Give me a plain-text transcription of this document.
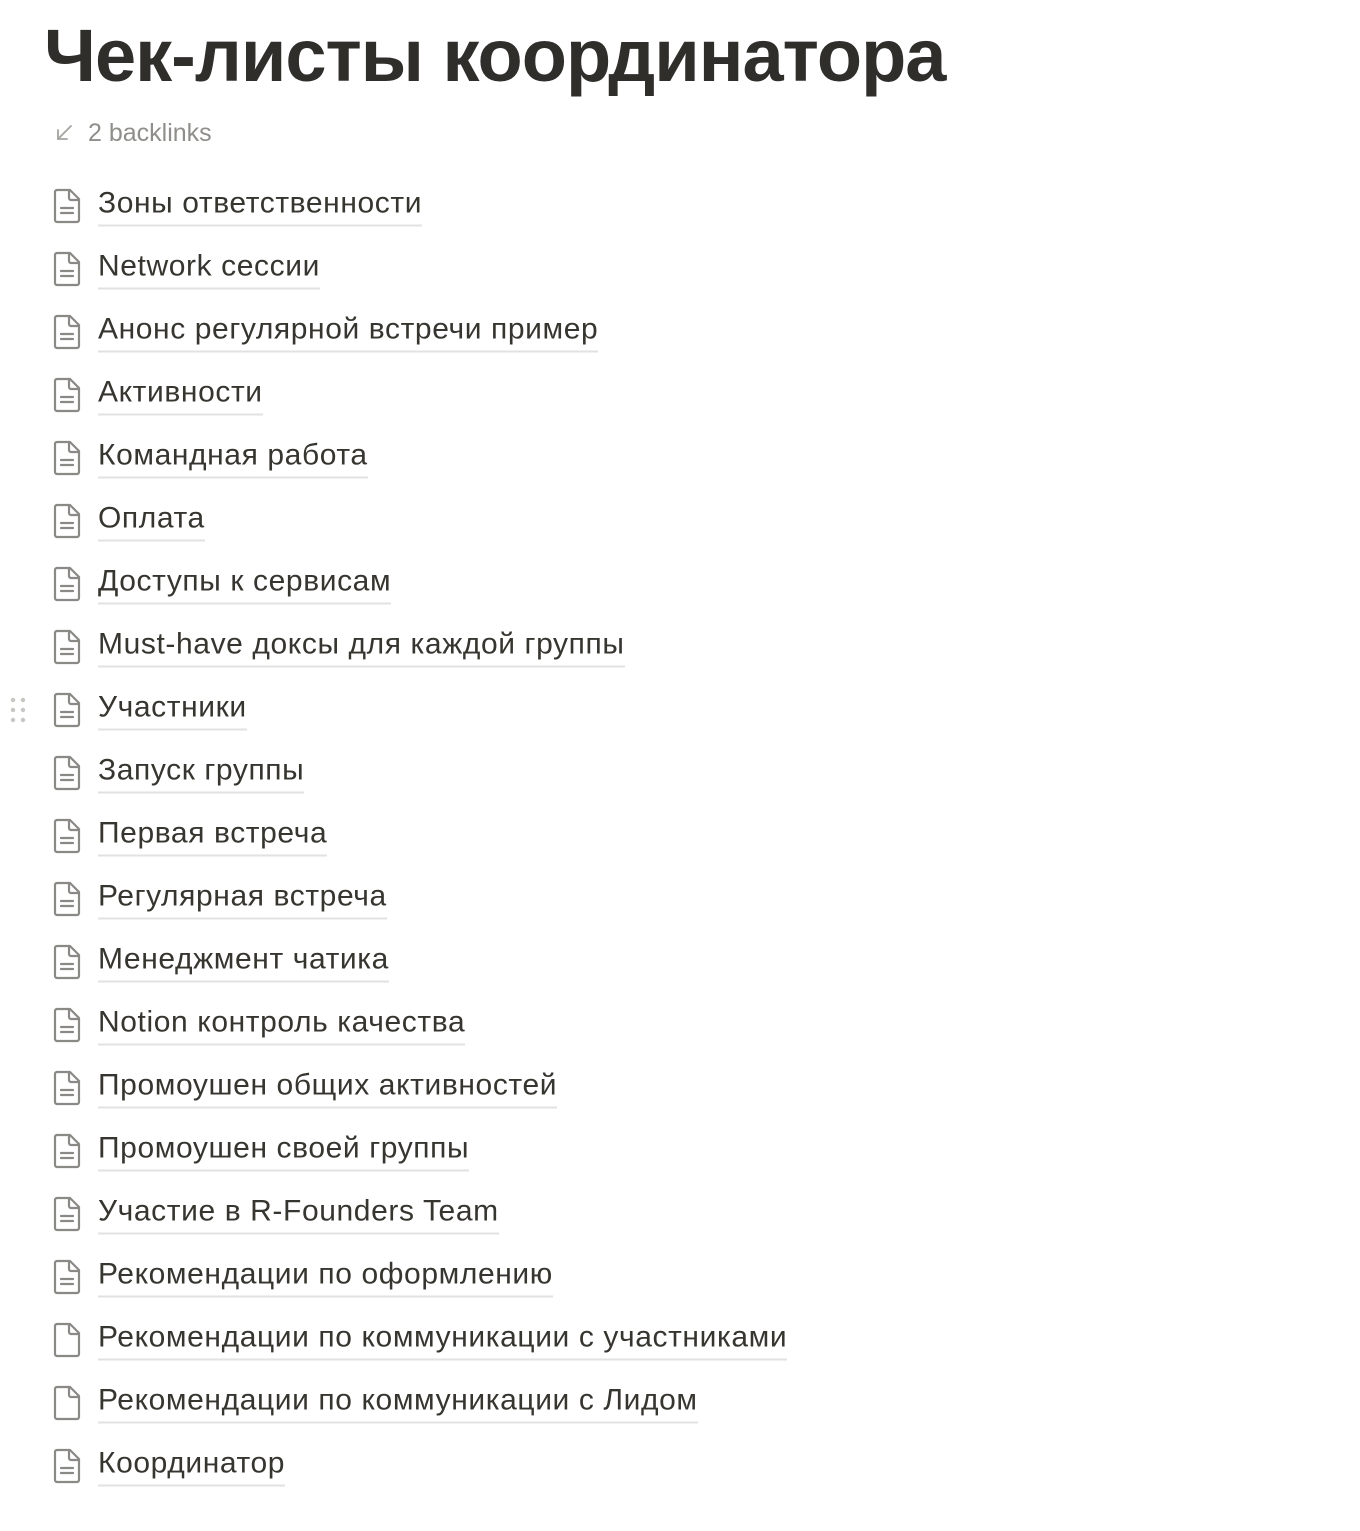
Чек-листы координатора
2 backlinks
Зоны ответственности
Network сессии
Анонс регулярной встречи пример
Активности
Командная работа
Оплата
Доступы к сервисам
Must-have доксы для каждой группы
Участники
Запуск группы
Первая встреча
Регулярная встреча
Менеджмент чатика
Notion контроль качества
Промоушен общих активностей
Промоушен своей группы
Участие в R-Founders Team
Рекомендации по оформлению
Рекомендации по коммуникации с участниками
Рекомендации по коммуникации с Лидом
Координатор
